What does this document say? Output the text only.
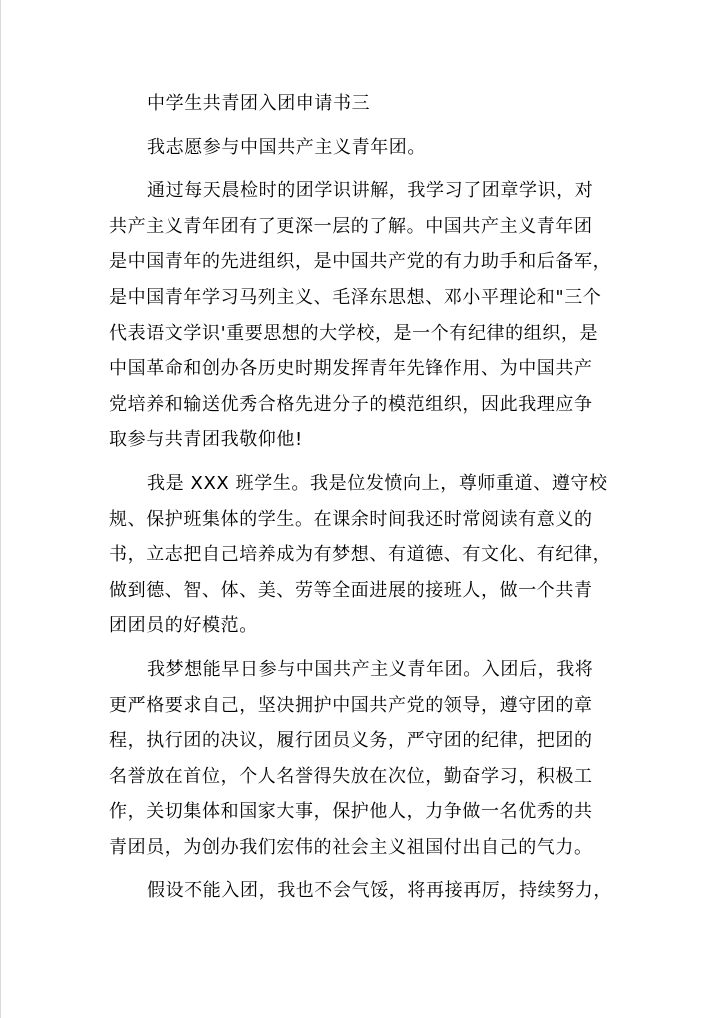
中学生共青团入团申请书三
我志愿参与中国共产主义青年团。
通过每天晨检时的团学识讲解，我学习了团章学识，对
共产主义青年团有了更深一层的了解。中国共产主义青年团
是中国青年的先进组织，是中国共产党的有力助手和后备军，
是中国青年学习马列主义、毛泽东思想、邓小平理论和"三个
代表语文学识'重要思想的大学校，是一个有纪律的组织，是
中国革命和创办各历史时期发挥青年先锋作用、为中国共产
党培养和输送优秀合格先进分子的模范组织，因此我理应争
取参与共青团我敬仰他!
我是 XXX 班学生。我是位发愤向上，尊师重道、遵守校
规、保护班集体的学生。在课余时间我还时常阅读有意义的
书，立志把自己培养成为有梦想、有道德、有文化、有纪律，
做到德、智、体、美、劳等全面进展的接班人，做一个共青
团团员的好模范。
我梦想能早日参与中国共产主义青年团。入团后，我将
更严格要求自己，坚决拥护中国共产党的领导，遵守团的章
程，执行团的决议，履行团员义务，严守团的纪律，把团的
名誉放在首位，个人名誉得失放在次位，勤奋学习，积极工
作，关切集体和国家大事，保护他人，力争做一名优秀的共
青团员，为创办我们宏伟的社会主义祖国付出自己的气力。
假设不能入团，我也不会气馁，将再接再厉，持续努力，
